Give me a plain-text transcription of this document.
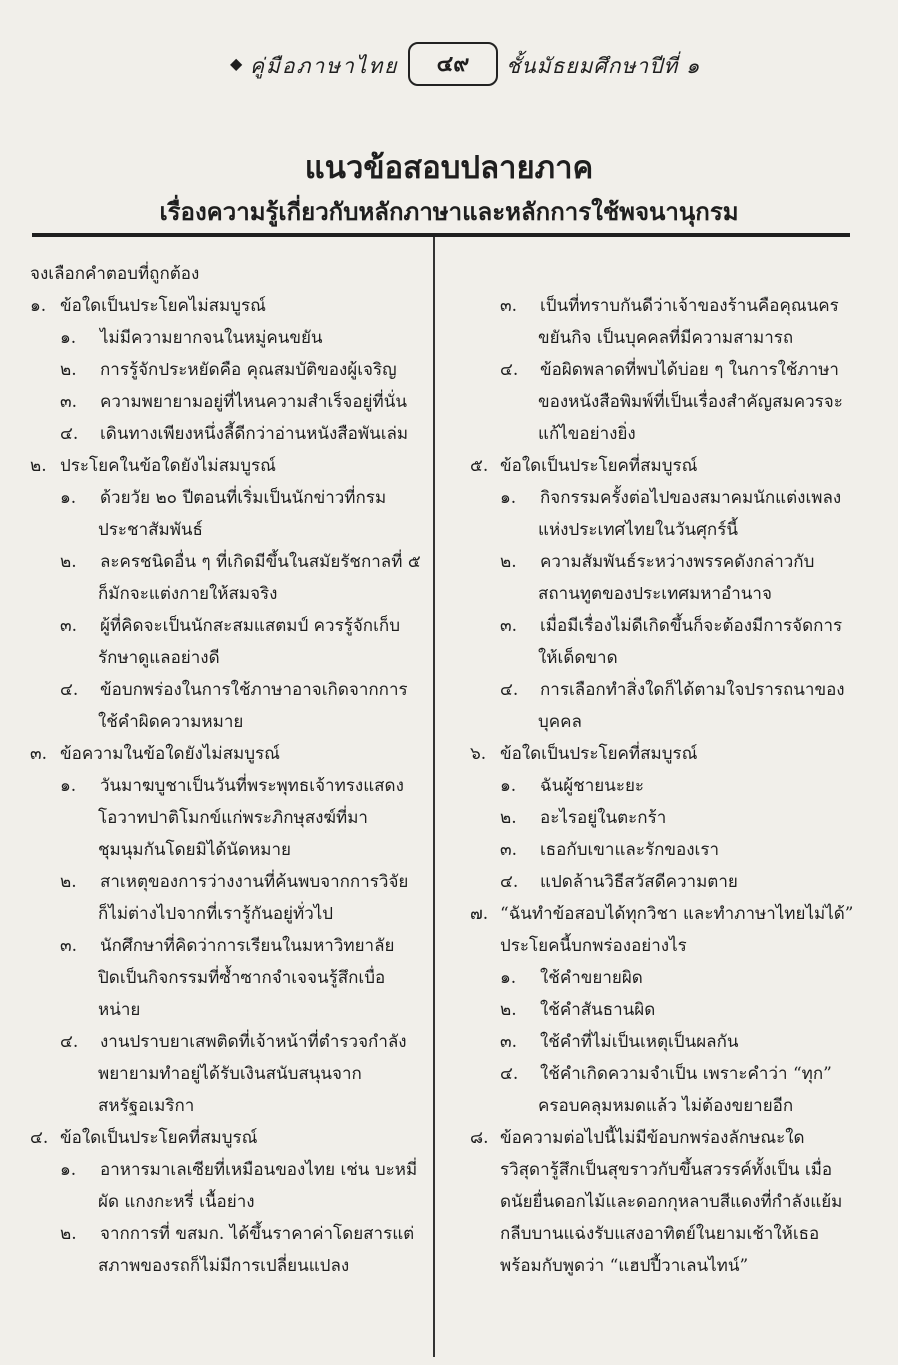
◆ คู่มือภาษาไทย	๔๙	ชั้นมัธยมศึกษาปีที่ ๑
แนวข้อสอบปลายภาค
เรื่องความรู้เกี่ยวกับหลักภาษาและหลักการใช้พจนานุกรม
จงเลือกคำตอบที่ถูกต้อง
๑. ข้อใดเป็นประโยคไม่สมบูรณ์
๑. ไม่มีความยากจนในหมู่คนขยัน
๒. การรู้จักประหยัดคือ คุณสมบัติของผู้เจริญ
๓. ความพยายามอยู่ที่ไหนความสำเร็จอยู่ที่นั่น
๔. เดินทางเพียงหนึ่งลี้ดีกว่าอ่านหนังสือพันเล่ม
๒. ประโยคในข้อใดยังไม่สมบูรณ์
๑. ด้วยวัย ๒๐ ปีตอนที่เริ่มเป็นนักข่าวที่กรม
ประชาสัมพันธ์
๒. ละครชนิดอื่น ๆ ที่เกิดมีขึ้นในสมัยรัชกาลที่ ๕
ก็มักจะแต่งกายให้สมจริง
๓. ผู้ที่คิดจะเป็นนักสะสมแสตมป์ ควรรู้จักเก็บ
รักษาดูแลอย่างดี
๔. ข้อบกพร่องในการใช้ภาษาอาจเกิดจากการ
ใช้คำผิดความหมาย
๓. ข้อความในข้อใดยังไม่สมบูรณ์
๑. วันมาฆบูชาเป็นวันที่พระพุทธเจ้าทรงแสดง
โอวาทปาติโมกข์แก่พระภิกษุสงฆ์ที่มา
ชุมนุมกันโดยมิได้นัดหมาย
๒. สาเหตุของการว่างงานที่ค้นพบจากการวิจัย
ก็ไม่ต่างไปจากที่เรารู้กันอยู่ทั่วไป
๓. นักศึกษาที่คิดว่าการเรียนในมหาวิทยาลัย
ปิดเป็นกิจกรรมที่ซ้ำซากจำเจจนรู้สึกเบื่อ
หน่าย
๔. งานปราบยาเสพติดที่เจ้าหน้าที่ตำรวจกำลัง
พยายามทำอยู่ได้รับเงินสนับสนุนจาก
สหรัฐอเมริกา
๔. ข้อใดเป็นประโยคที่สมบูรณ์
๑. อาหารมาเลเซียที่เหมือนของไทย เช่น บะหมี่
ผัด แกงกะหรี่ เนื้อย่าง
๒. จากการที่ ขสมก. ได้ขึ้นราคาค่าโดยสารแต่
สภาพของรถก็ไม่มีการเปลี่ยนแปลง
๓. เป็นที่ทราบกันดีว่าเจ้าของร้านคือคุณนคร
ขยันกิจ เป็นบุคคลที่มีความสามารถ
๔. ข้อผิดพลาดที่พบได้บ่อย ๆ ในการใช้ภาษา
ของหนังสือพิมพ์ที่เป็นเรื่องสำคัญสมควรจะ
แก้ไขอย่างยิ่ง
๕. ข้อใดเป็นประโยคที่สมบูรณ์
๑. กิจกรรมครั้งต่อไปของสมาคมนักแต่งเพลง
แห่งประเทศไทยในวันศุกร์นี้
๒. ความสัมพันธ์ระหว่างพรรคดังกล่าวกับ
สถานทูตของประเทศมหาอำนาจ
๓. เมื่อมีเรื่องไม่ดีเกิดขึ้นก็จะต้องมีการจัดการ
ให้เด็ดขาด
๔. การเลือกทำสิ่งใดก็ได้ตามใจปรารถนาของ
บุคคล
๖. ข้อใดเป็นประโยคที่สมบูรณ์
๑. ฉันผู้ชายนะยะ
๒. อะไรอยู่ในตะกร้า
๓. เธอกับเขาและรักของเรา
๔. แปดล้านวิธีสวัสดีความตาย
๗. “ฉันทำข้อสอบได้ทุกวิชา และทำภาษาไทยไม่ได้”
ประโยคนี้บกพร่องอย่างไร
๑. ใช้คำขยายผิด
๒. ใช้คำสันธานผิด
๓. ใช้คำที่ไม่เป็นเหตุเป็นผลกัน
๔. ใช้คำเกิดความจำเป็น เพราะคำว่า “ทุก”
ครอบคลุมหมดแล้ว ไม่ต้องขยายอีก
๘. ข้อความต่อไปนี้ไม่มีข้อบกพร่องลักษณะใด
รวิสุดารู้สึกเป็นสุขราวกับขึ้นสวรรค์ทั้งเป็น เมื่อ
ดนัยยื่นดอกไม้และดอกกุหลาบสีแดงที่กำลังแย้ม
กลีบบานแฉ่งรับแสงอาทิตย์ในยามเช้าให้เธอ
พร้อมกับพูดว่า “แฮปปี้วาเลนไทน์”
